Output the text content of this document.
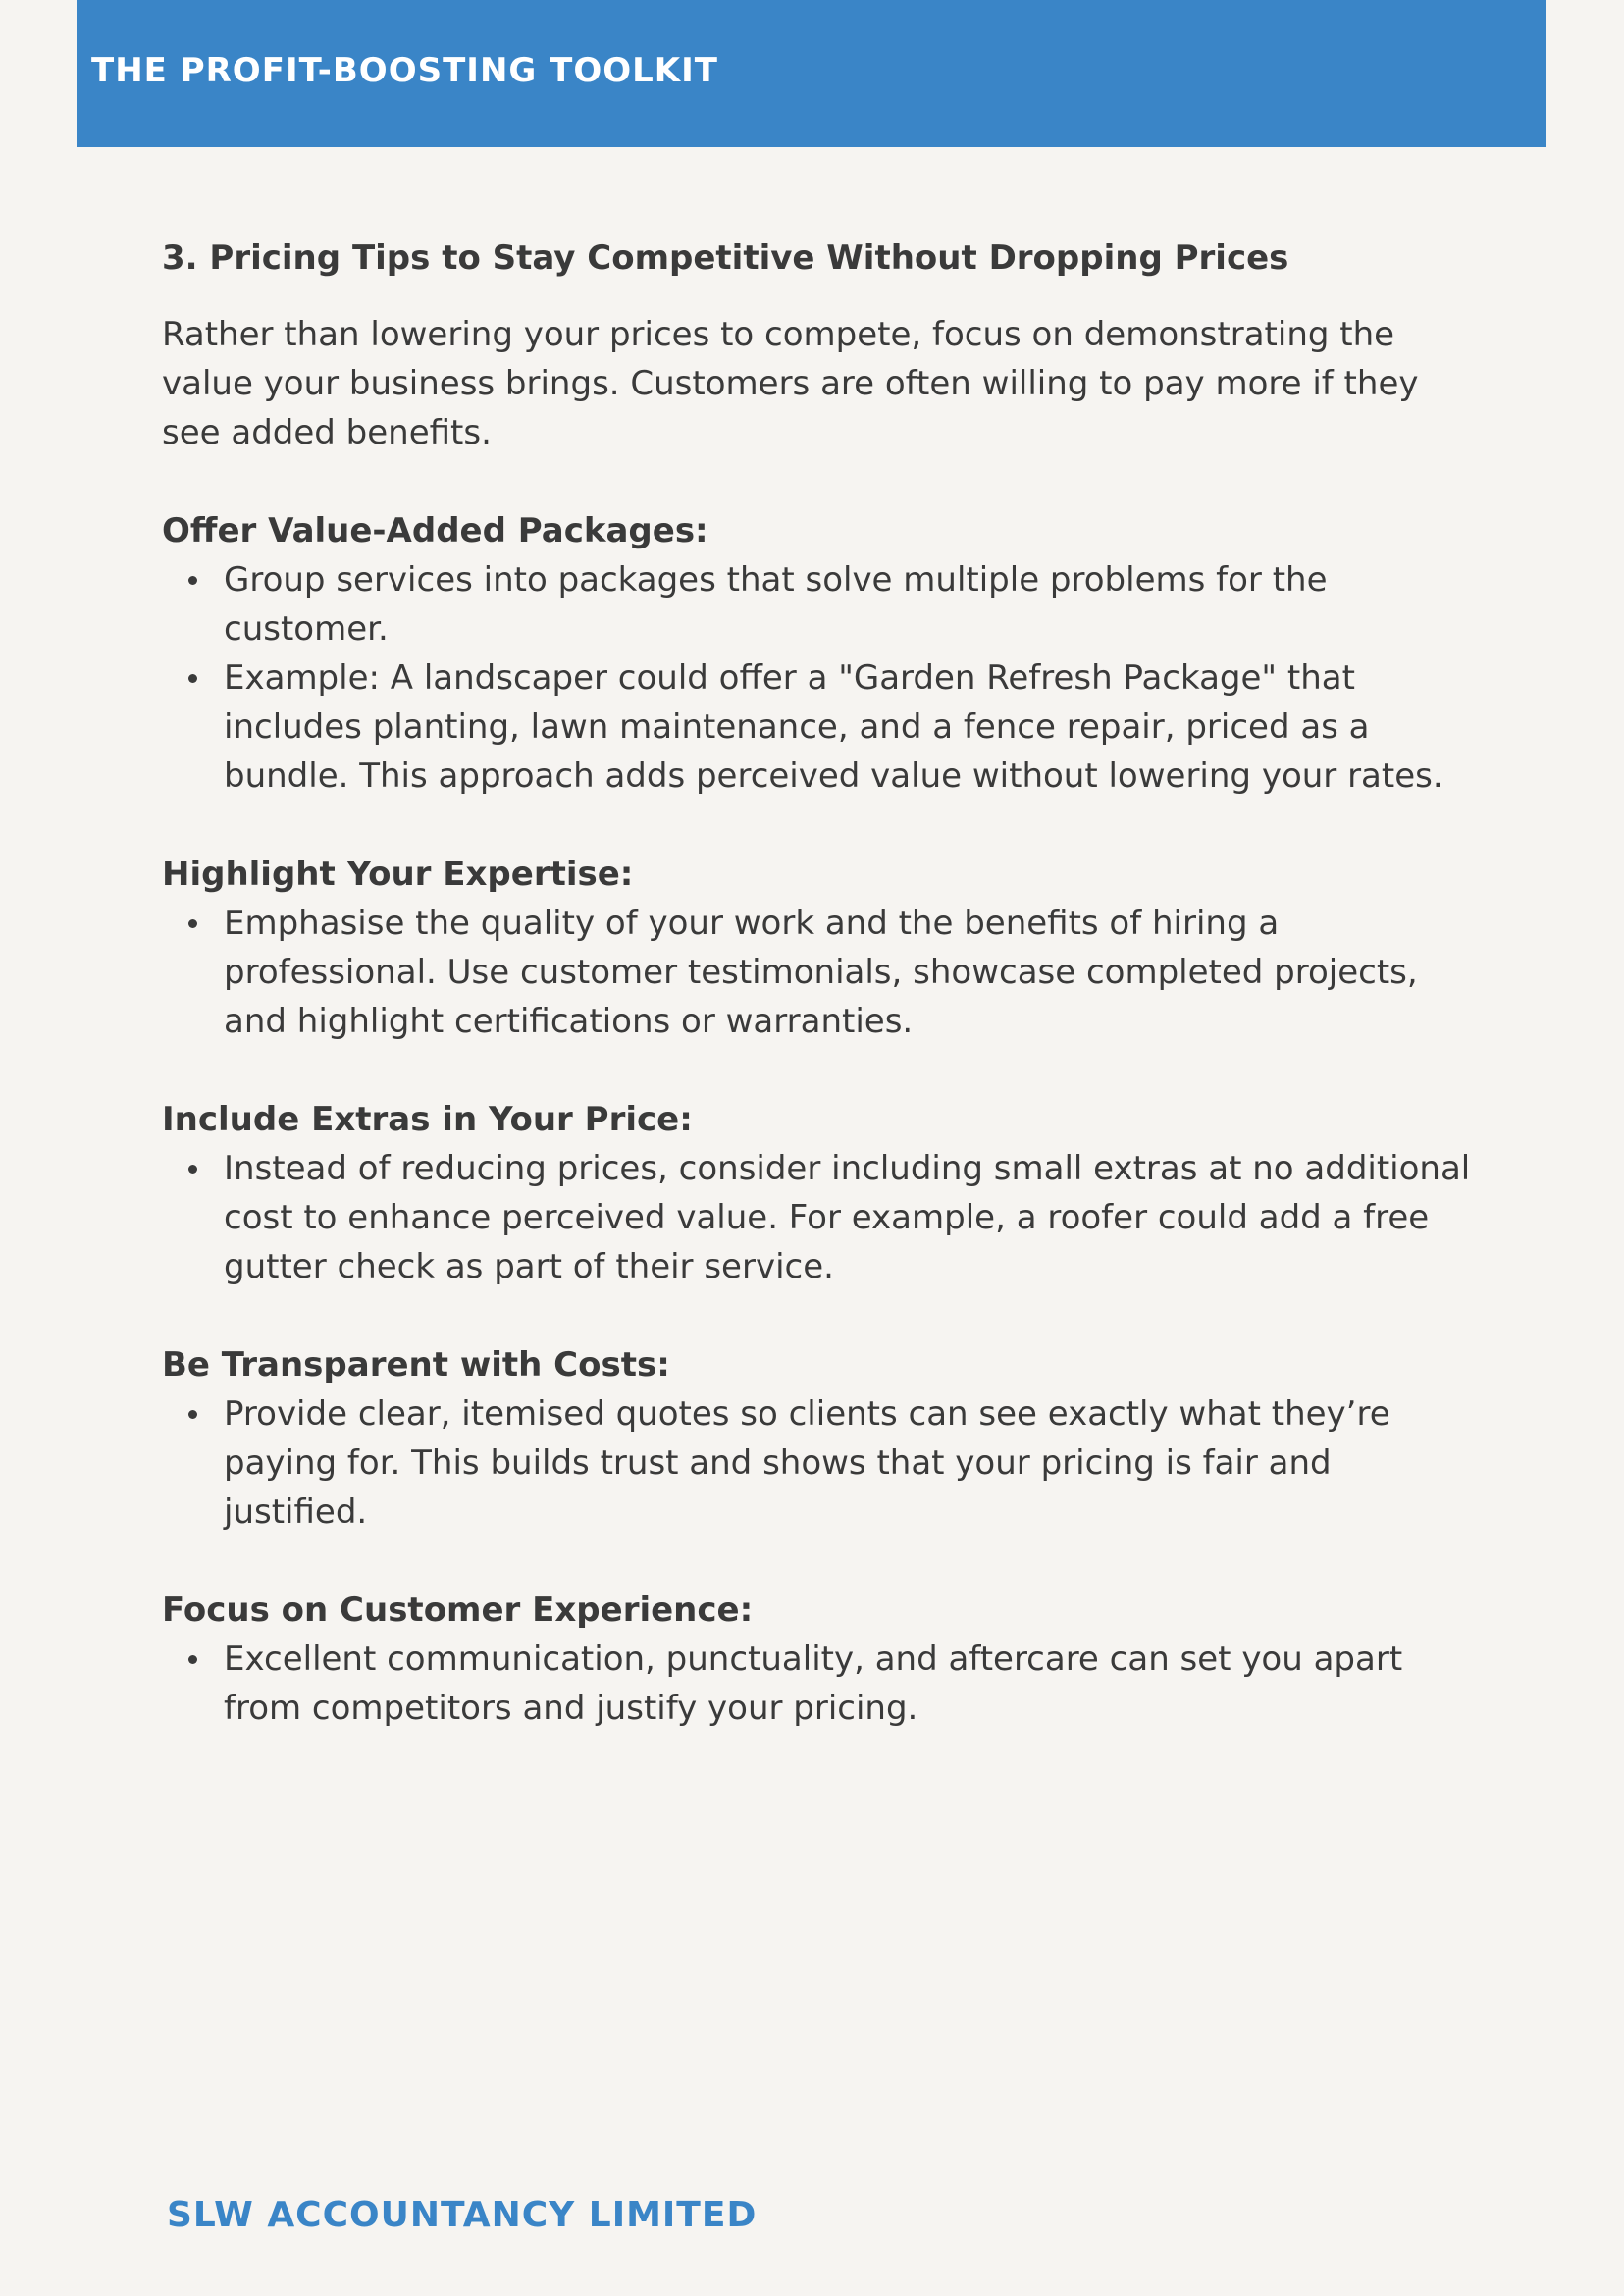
THE PROFIT-BOOSTING TOOLKIT
3. Pricing Tips to Stay Competitive Without Dropping Prices

Rather than lowering your prices to compete, focus on demonstrating the value your business brings. Customers are often willing to pay more if they see added benefits.

Offer Value-Added Packages:
Group services into packages that solve multiple problems for the customer.
Example: A landscaper could offer a "Garden Refresh Package" that includes planting, lawn maintenance, and a fence repair, priced as a bundle. This approach adds perceived value without lowering your rates.
Highlight Your Expertise:
Emphasise the quality of your work and the benefits of hiring a professional. Use customer testimonials, showcase completed projects, and highlight certifications or warranties.
Include Extras in Your Price:
Instead of reducing prices, consider including small extras at no additional cost to enhance perceived value. For example, a roofer could add a free gutter check as part of their service.
Be Transparent with Costs:
Provide clear, itemised quotes so clients can see exactly what they’re paying for. This builds trust and shows that your pricing is fair and justified.
Focus on Customer Experience:
Excellent communication, punctuality, and aftercare can set you apart from competitors and justify your pricing.

SLW ACCOUNTANCY LIMITED
